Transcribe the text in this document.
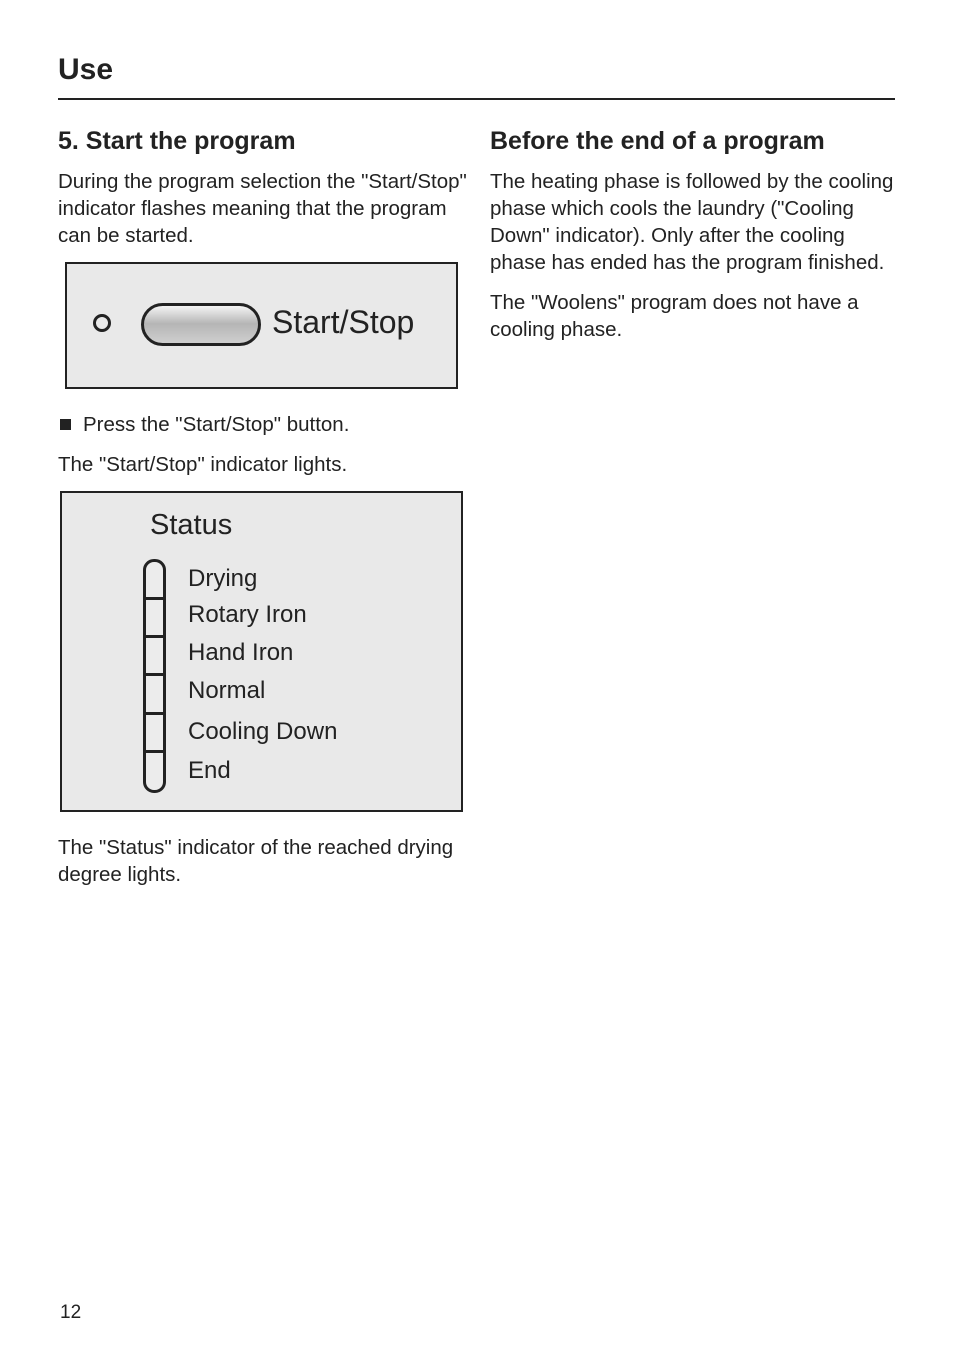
Use
5. Start the program

During the program selection the "Start/Stop" indicator flashes meaning that the program can be started.

Start/Stop
Press the "Start/Stop" button.

The "Start/Stop" indicator lights.

Status
Drying
Rotary Iron
Hand Iron
Normal
Cooling Down
End

The "Status" indicator of the reached drying degree lights.

Before the end of a program

The heating phase is followed by the cooling phase which cools the laundry ("Cooling Down" indicator). Only after the cooling phase has ended has the program finished.

The "Woolens" program does not have a cooling phase.

12
